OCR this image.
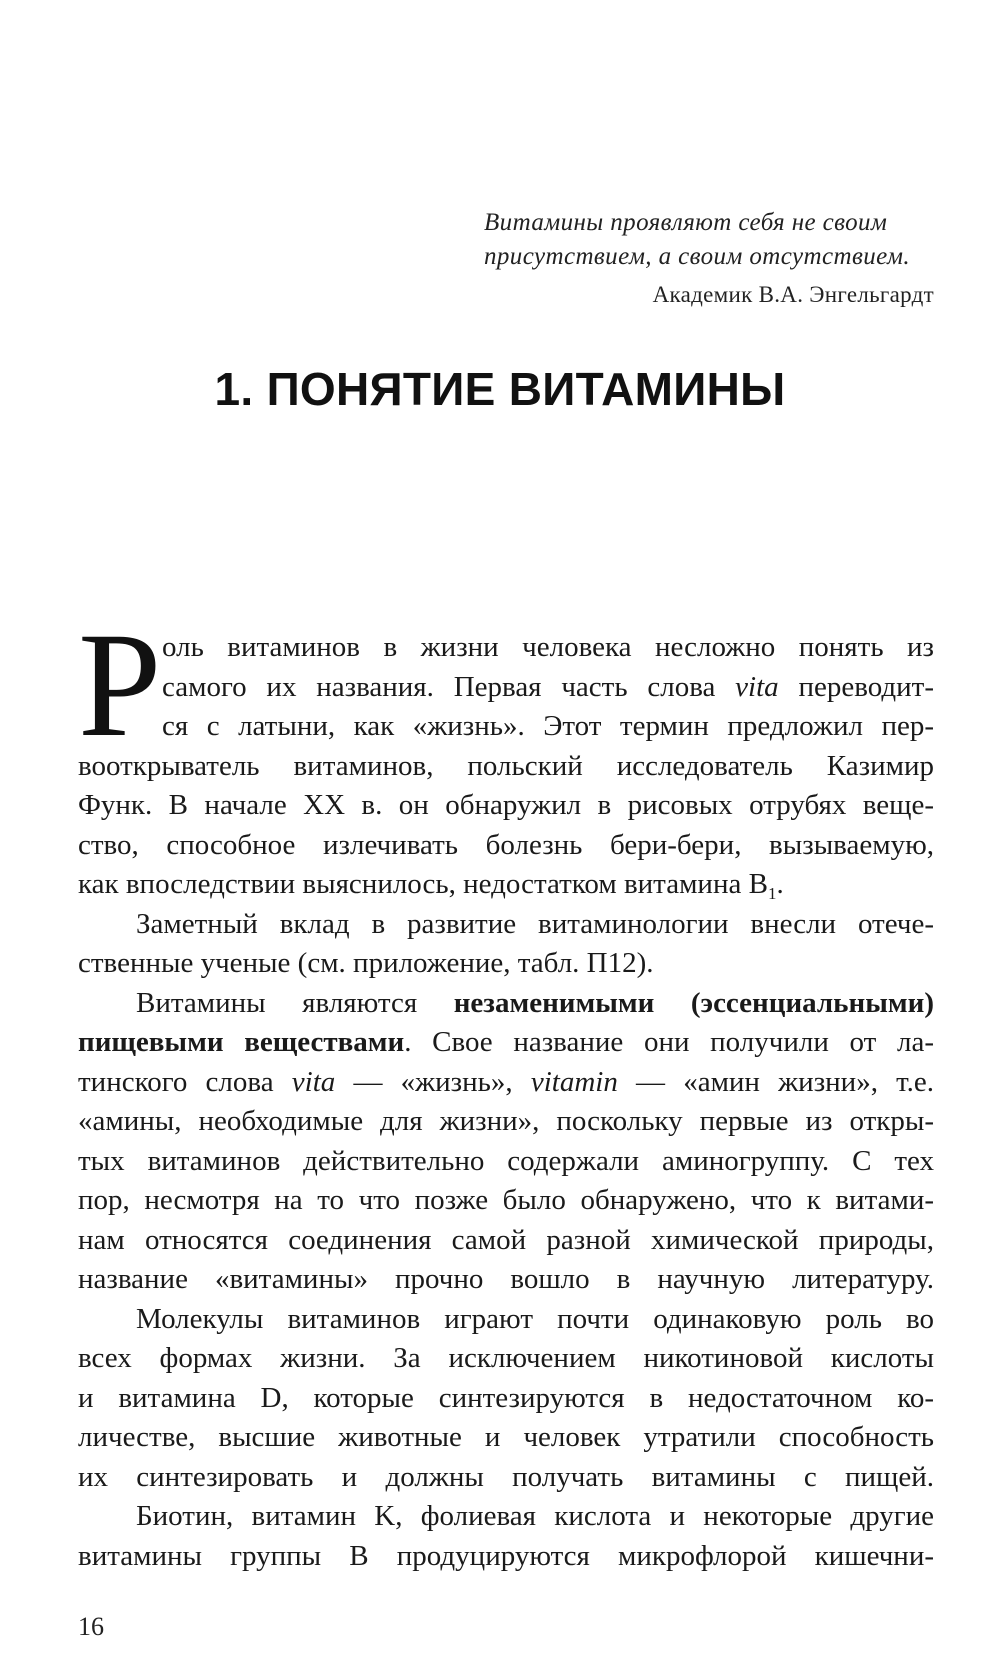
Витамины проявляют себя не своим
присутствием, а своим отсутствием.
Академик В.А. Энгельгардт
1. ПОНЯТИЕ ВИТАМИНЫ
Р оль витаминов в жизни человека несложно понять из
самого их названия. Первая часть слова vita переводит-
ся с латыни, как «жизнь». Этот термин предложил пер-
вооткрыватель витаминов, польский исследователь Казимир
Функ. В начале XX в. он обнаружил в рисовых отрубях веще-
ство, способное излечивать болезнь бери-бери, вызываемую,
как впоследствии выяснилось, недостатком витамина $B_1$.
Заметный вклад в развитие витаминологии внесли отече-
ственные ученые (см. приложение, табл. П12).
Витамины являются незаменимыми (эссенциальными)
пищевыми веществами. Свое название они получили от ла-
тинского слова vita — «жизнь», vitamin — «амин жизни», т.е.
«амины, необходимые для жизни», поскольку первые из откры-
тых витаминов действительно содержали аминогруппу. С тех
пор, несмотря на то что позже было обнаружено, что к витами-
нам относятся соединения самой разной химической природы,
название «витамины» прочно вошло в научную литературу.
Молекулы витаминов играют почти одинаковую роль во
всех формах жизни. За исключением никотиновой кислоты
и витамина D, которые синтезируются в недостаточном ко-
личестве, высшие животные и человек утратили способность
их синтезировать и должны получать витамины с пищей.
Биотин, витамин K, фолиевая кислота и некоторые другие
витамины группы B продуцируются микрофлорой кишечни-
16
